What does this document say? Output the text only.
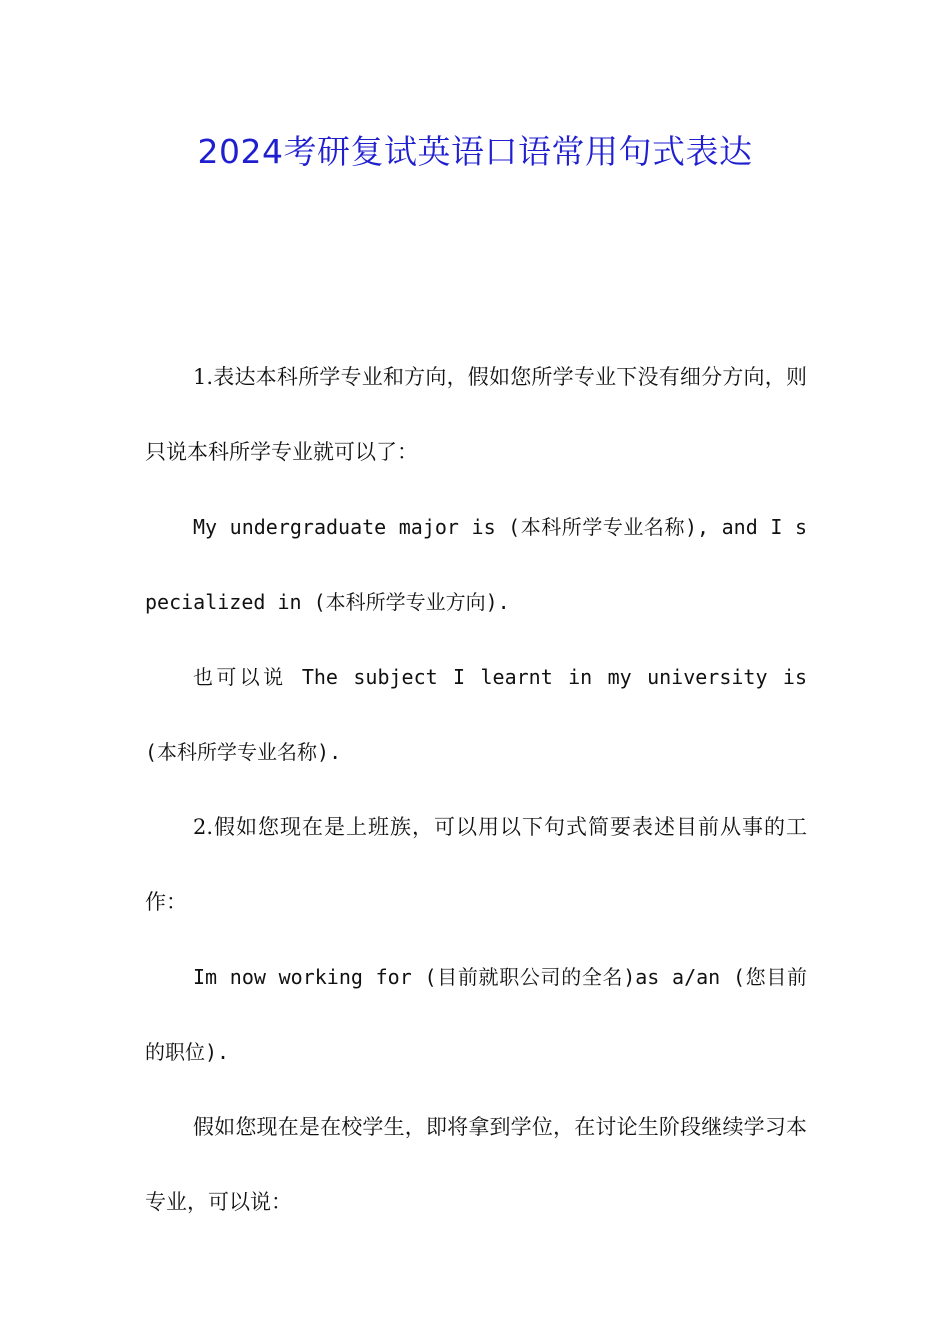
2024考研复试英语口语常用句式表达

1.表达本科所学专业和方向，假如您所学专业下没有细分方向，则只说本科所学专业就可以了：

My undergraduate major is (本科所学专业名称), and I specialized in (本科所学专业方向).

也可以说 The subject I learnt in my university is (本科所学专业名称).

2.假如您现在是上班族，可以用以下句式简要表述目前从事的工作：

Im now working for (目前就职公司的全名)as a/an (您目前的职位).

假如您现在是在校学生，即将拿到学位，在讨论生阶段继续学习本专业，可以说：
